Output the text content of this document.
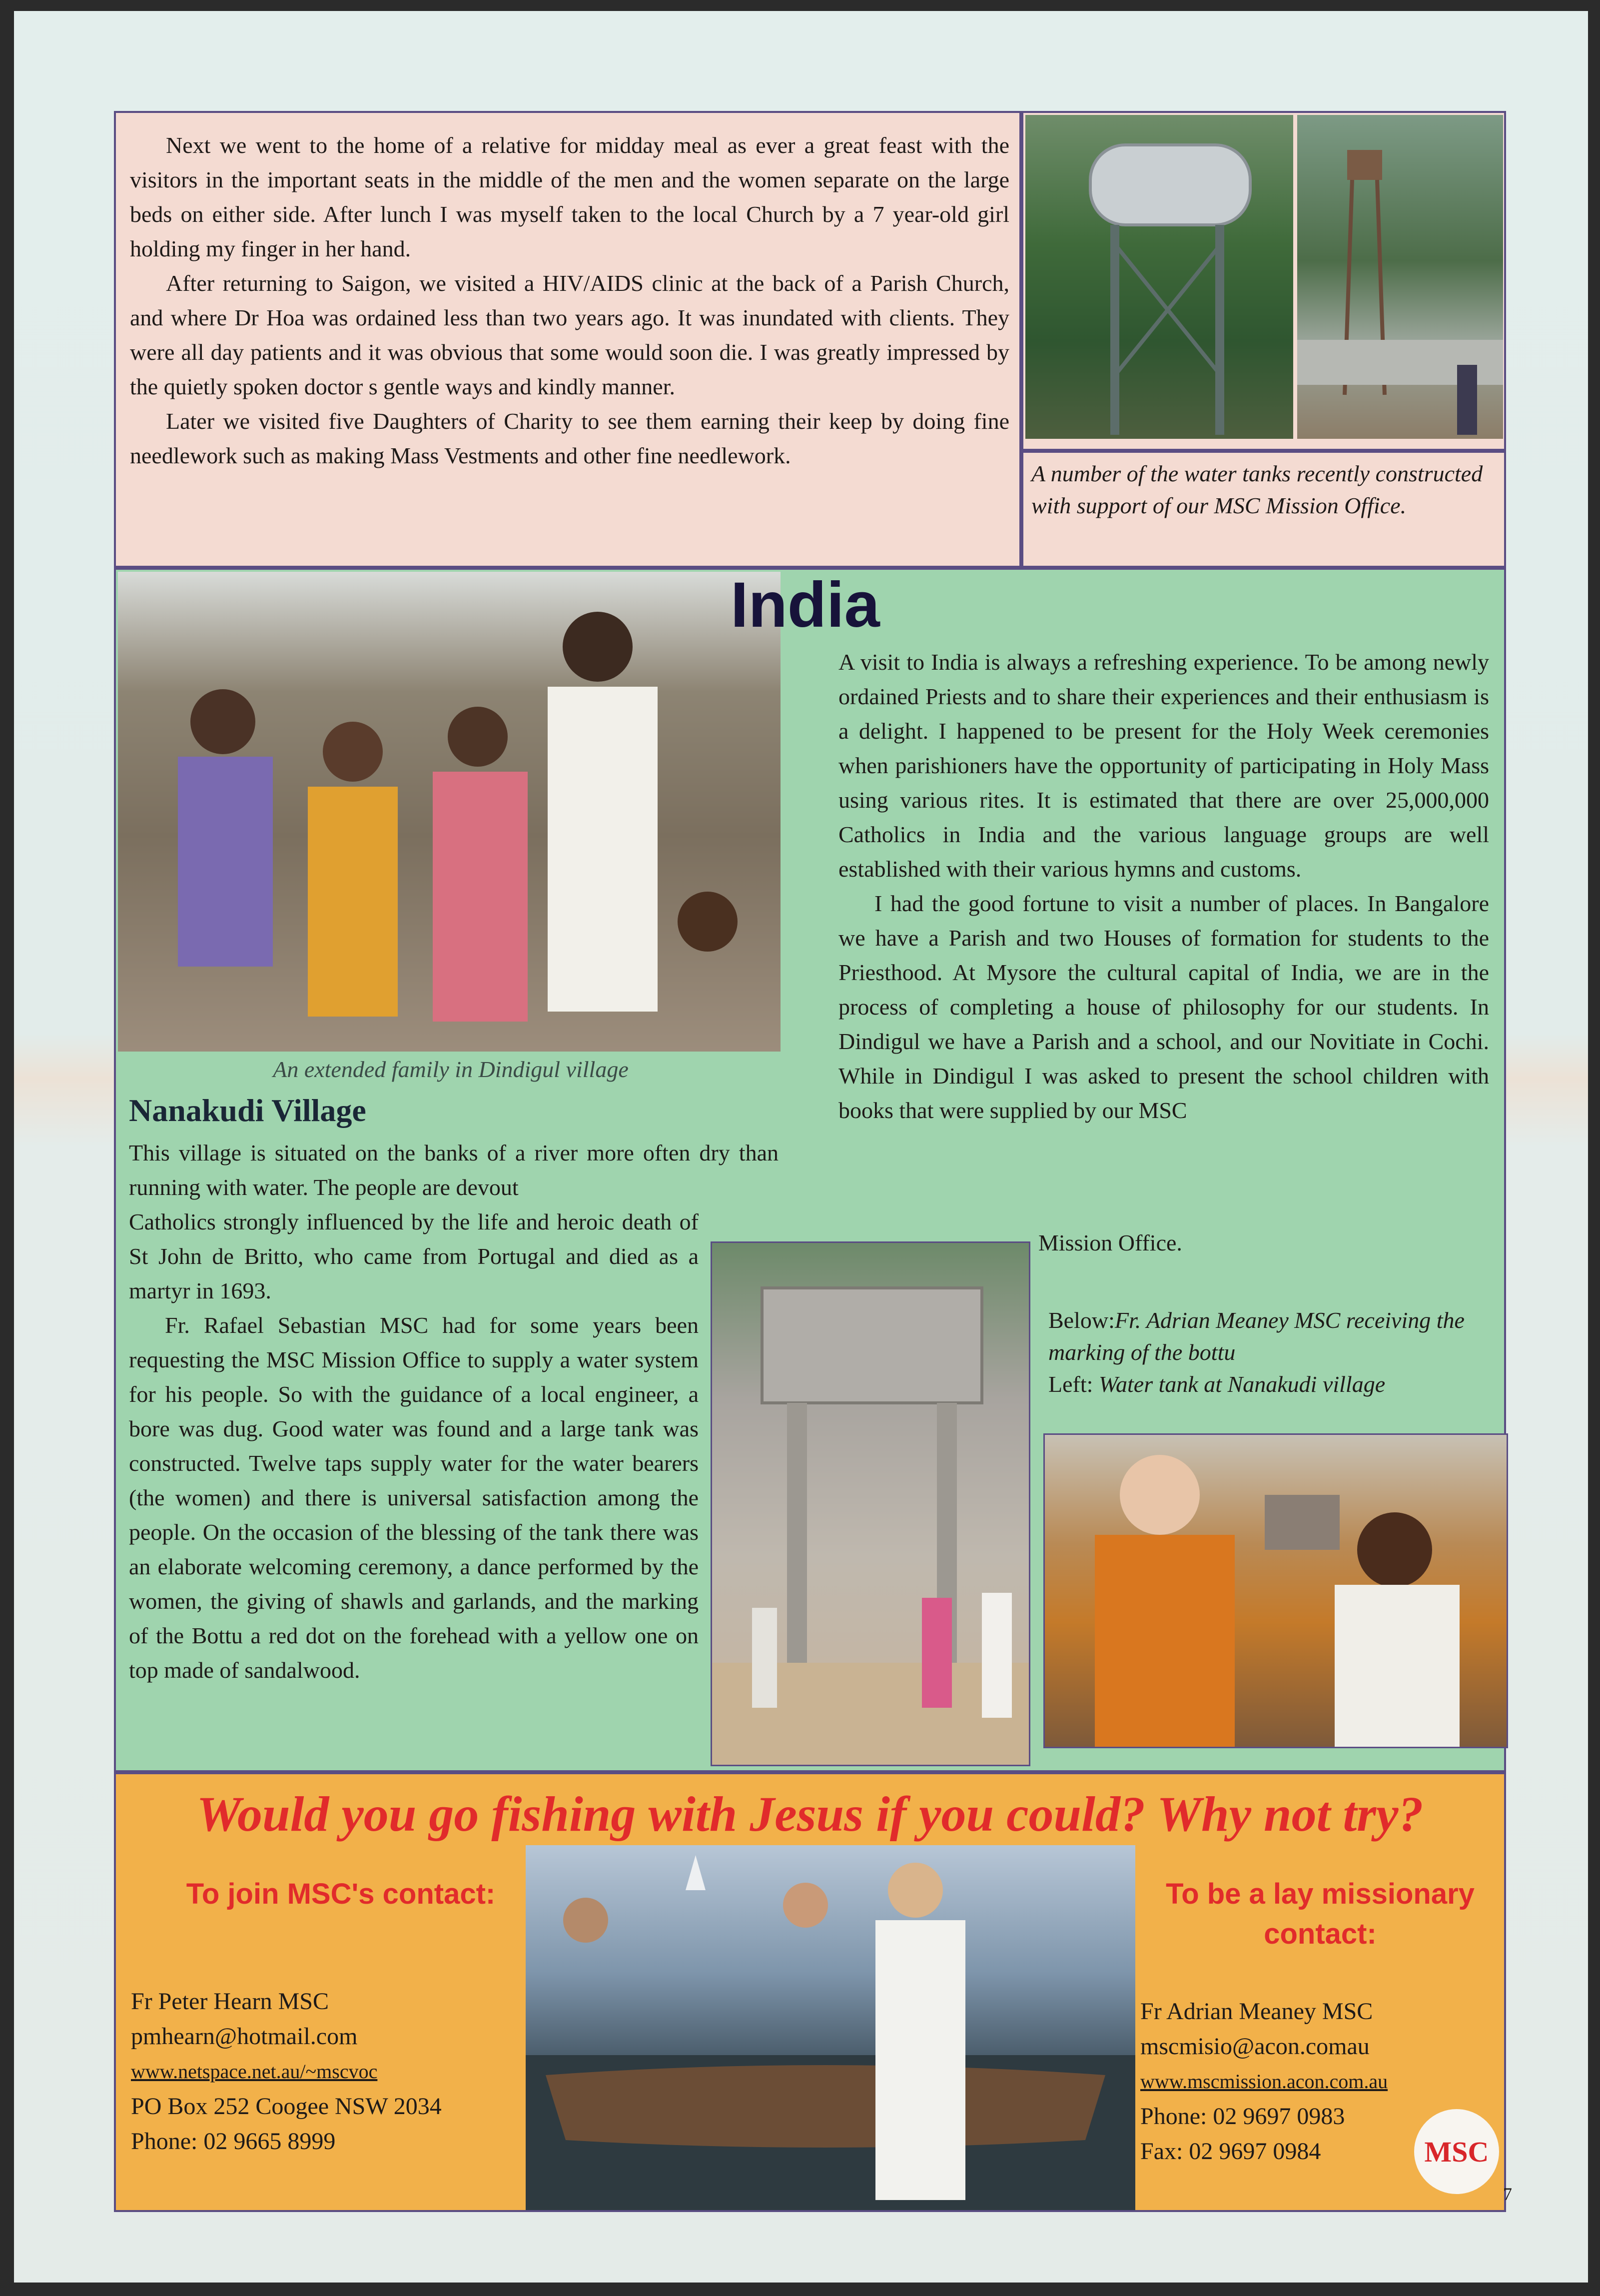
Next we went to the home of a relative for midday meal as ever a great feast with the visitors in the important seats in the middle of the men and the women separate on the large beds on either side. After lunch I was myself taken to the local Church by a 7 year-old girl holding my finger in her hand.

After returning to Saigon, we visited a HIV/AIDS clinic at the back of a Parish Church, and where Dr Hoa was ordained less than two years ago. It was inundated with clients. They were all day patients and it was obvious that some would soon die. I was greatly impressed by the quietly spoken doctor s gentle ways and kindly manner.

Later we visited five Daughters of Charity to see them earning their keep by doing fine needlework such as making Mass Vestments and other fine needlework.

A number of the water tanks recently constructed with support of our MSC Mission Office.
India

A visit to India is always a refreshing experience. To be among newly ordained Priests and to share their experiences and their enthusiasm is a delight. I happened to be present for the Holy Week ceremonies when parishioners have the opportunity of participating in Holy Mass using various rites. It is estimated that there are over 25,000,000 Catholics in India and the various language groups are well established with their various hymns and customs.

I had the good fortune to visit a number of places. In Bangalore we have a Parish and two Houses of formation for students to the Priesthood. At Mysore the cultural capital of India, we are in the process of completing a house of philosophy for our students. In Dindigul we have a Parish and a school, and our Novitiate in Cochi. While in Dindigul I was asked to present the school children with books that were supplied by our MSC

Mission Office.
An extended family in Dindigul village
Nanakudi Village
This village is situated on the banks of a river more often dry than running with water. The people are devout

Catholics strongly influenced by the life and heroic death of St John de Britto, who came from Portugal and died as a martyr in 1693.

Fr. Rafael Sebastian MSC had for some years been requesting the MSC Mission Office to supply a water system for his people. So with the guidance of a local engineer, a bore was dug. Good water was found and a large tank was constructed. Twelve taps supply water for the water bearers (the women) and there is universal satisfaction among the people. On the occasion of the blessing of the tank there was an elaborate welcoming ceremony, a dance performed by the women, the giving of shawls and garlands, and the marking of the Bottu a red dot on the forehead with a yellow one on top made of sandalwood.

Below:Fr. Adrian Meaney MSC receiving the marking of the bottu
Left: Water tank at Nanakudi village
Would you go fishing with Jesus if you could? Why not try?
To join MSC's contact:
Fr Peter Hearn MSC
pmhearn@hotmail.com
www.netspace.net.au/~mscvoc
PO Box 252 Coogee NSW 2034
Phone: 02 9665 8999
To be a lay missionary contact:
Fr Adrian Meaney MSC
mscmisio@acon.comau
www.mscmission.acon.com.au
Phone: 02 9697 0983
Fax: 02 9697 0984	MSC
7
